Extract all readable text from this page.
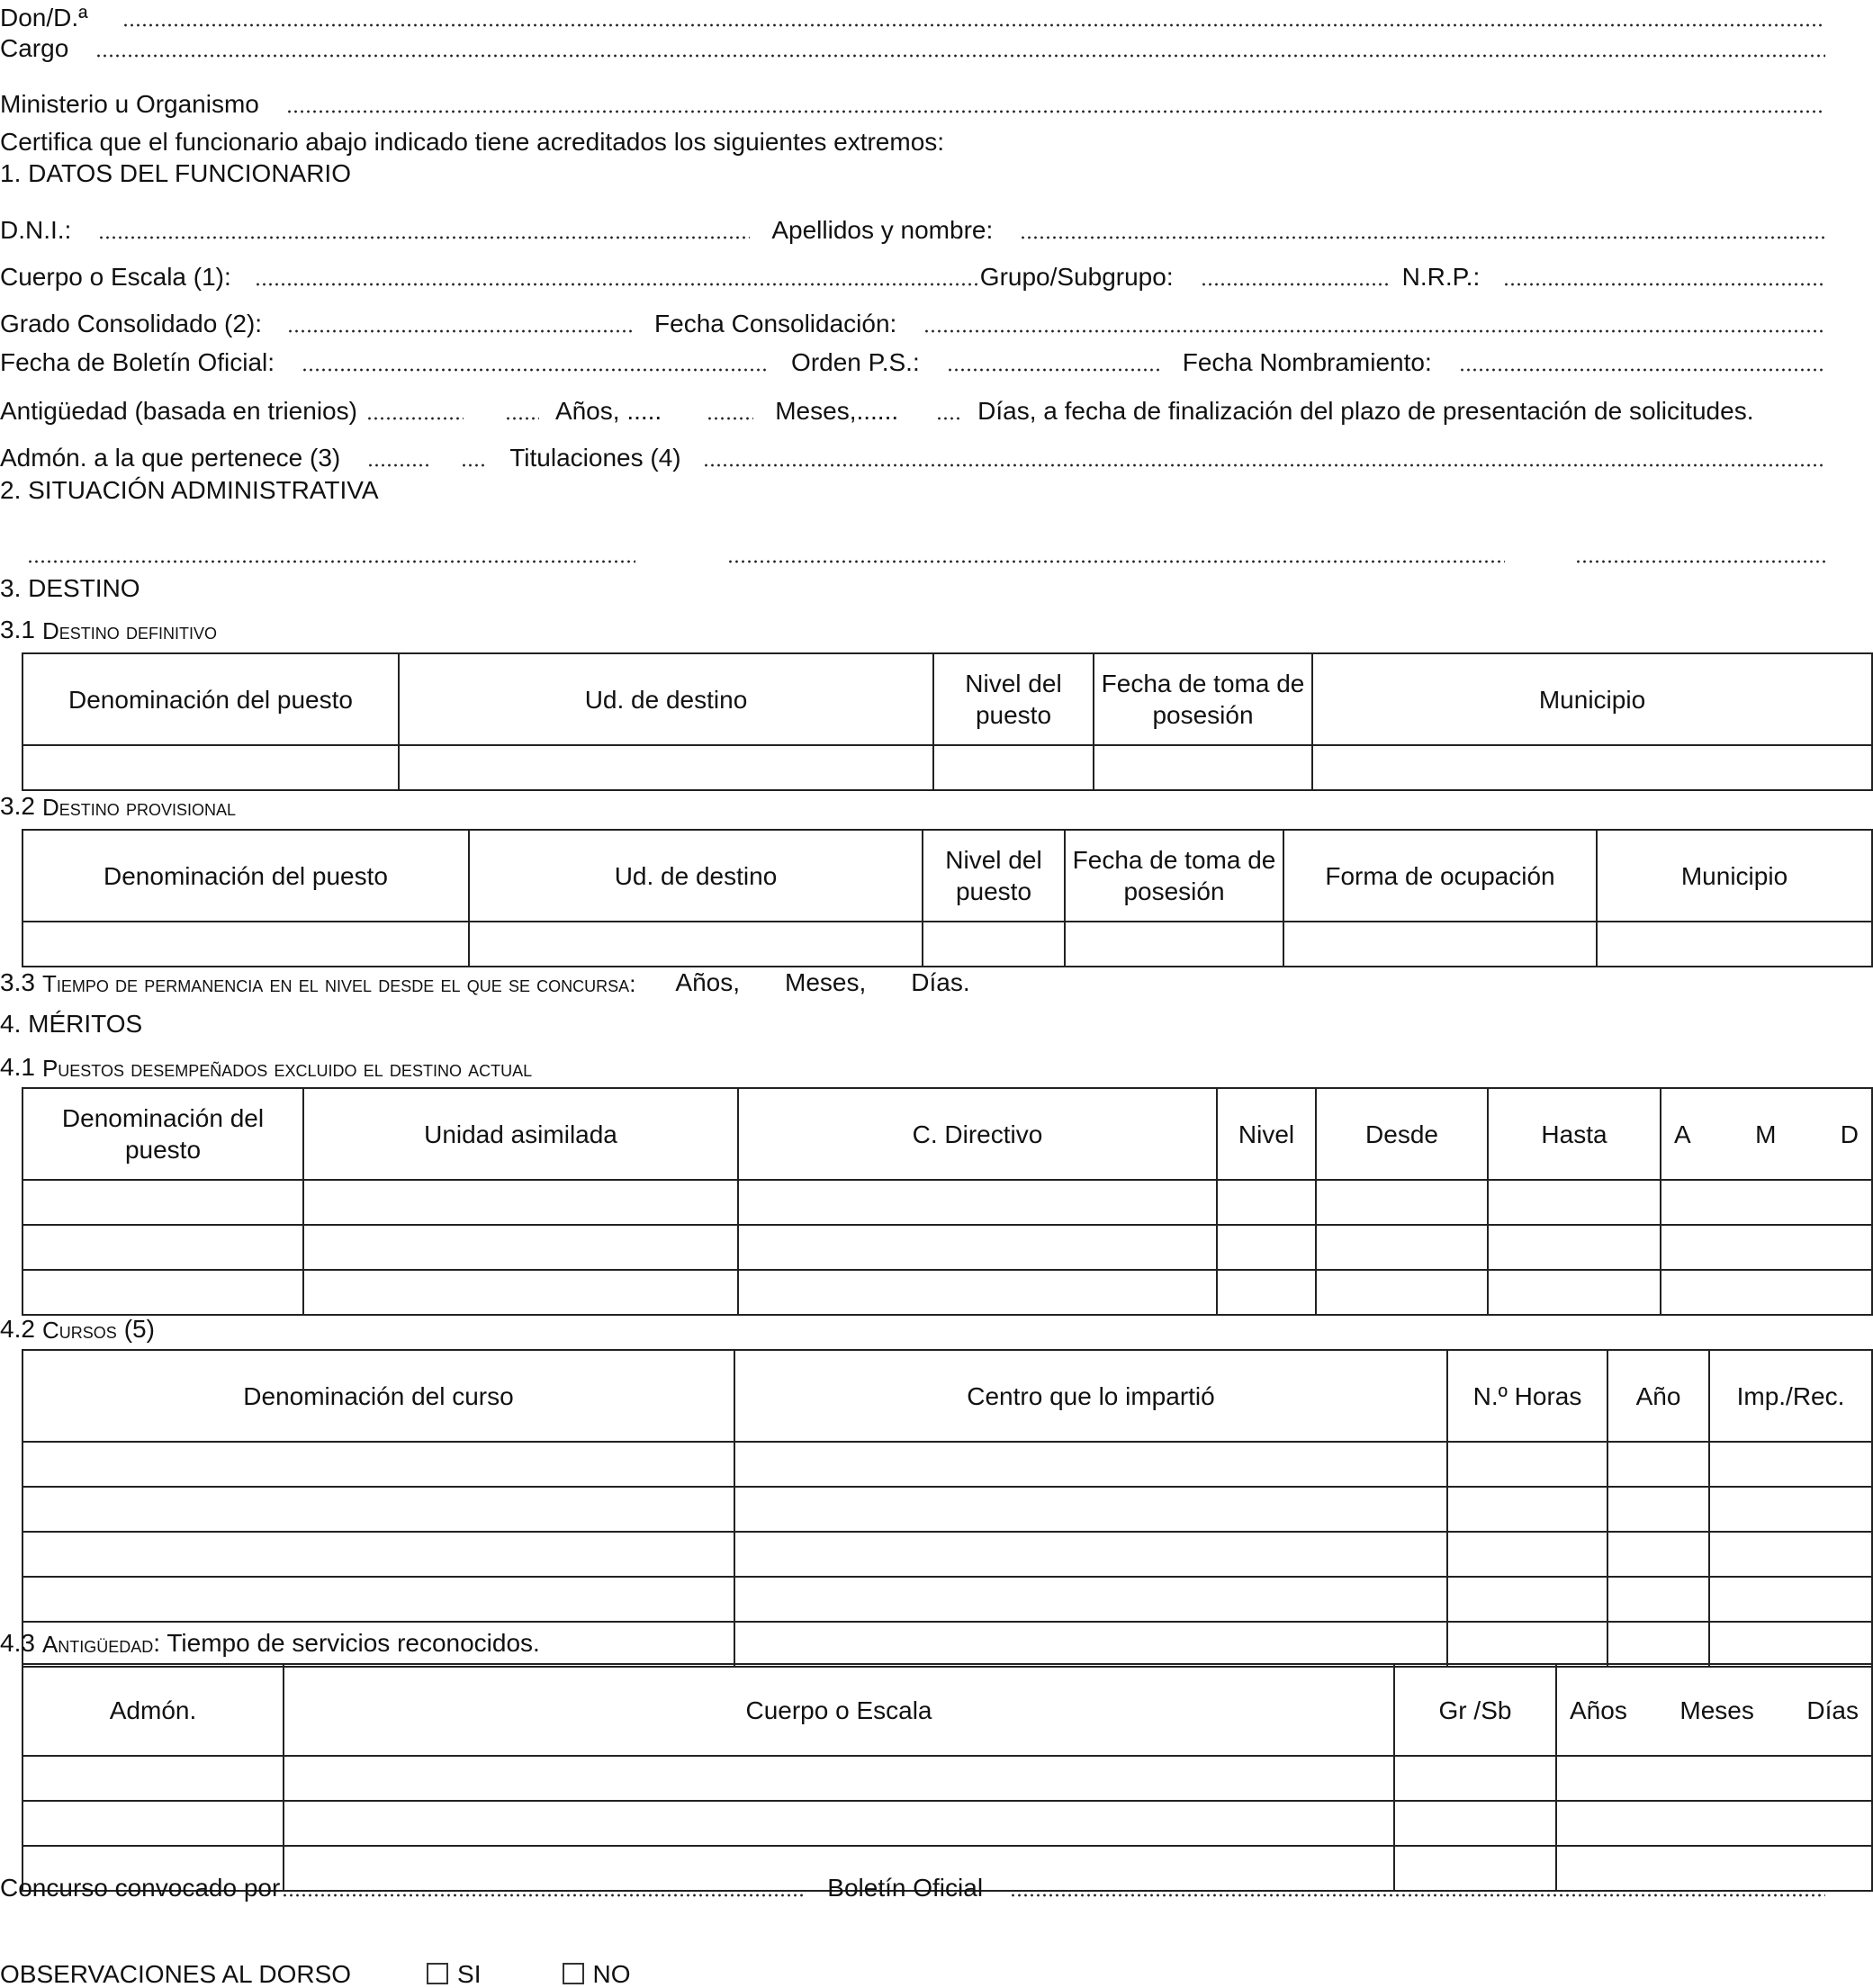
Don/D.ª
Cargo
Ministerio u Organismo
Certifica que el funcionario abajo indicado tiene acreditados los siguientes extremos:
1. DATOS DEL FUNCIONARIO
D.N.I.:	Apellidos y nombre:
Cuerpo o Escala (1):	Grupo/Subgrupo:	N.R.P.:
Grado Consolidado (2):	Fecha Consolidación:
Fecha de Boletín Oficial:	Orden P.S.:	Fecha Nombramiento:
Antigüedad (basada en trienios)	Años, .....	Meses,......	Días, a fecha de finalización del plazo de presentación de solicitudes.
Admón. a la que pertenece (3)	Titulaciones (4)
2. SITUACIÓN ADMINISTRATIVA
3. DESTINO
3.1 Destino definitivo
Denominación del puesto	Ud. de destino	Nivel del puesto	Fecha de toma de posesión	Municipio

3.2 Destino provisional
Denominación del puesto	Ud. de destino	Nivel del puesto	Fecha de toma de posesión	Forma de ocupación	Municipio

3.3 Tiempo de permanencia en el nivel desde el que se concursa: Años, Meses, Días.
4. MÉRITOS
4.1 Puestos desempeñados excluido el destino actual
Denominación del puesto	Unidad asimilada	C. Directivo	Nivel	Desde	Hasta	A M D

4.2 Cursos (5)
Denominación del curso	Centro que lo impartió	N.º Horas	Año	Imp./Rec.

4.3 Antigüedad : Tiempo de servicios reconocidos.
Admón.	Cuerpo o Escala	Gr /Sb	Años Meses Días

Concurso convocado por	Boletín Oficial
OBSERVACIONES AL DORSO	SI	NO
